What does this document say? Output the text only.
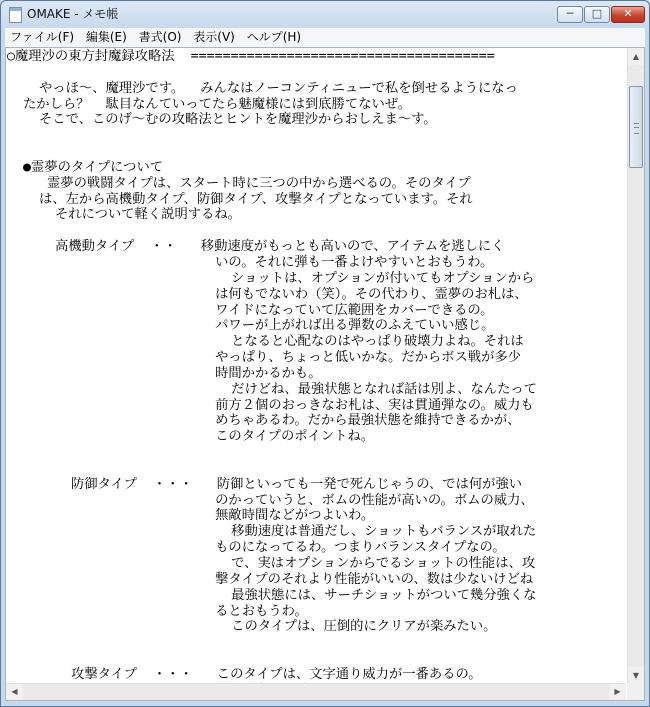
OMAKE - メモ帳	─	□	✕
ファイル(F) 編集(E) 書式(O) 表示(V) ヘルプ(H)
○魔理沙の東方封魔録攻略法  ======================================
やっほ～、魔理沙です。  みんなはノーコンティニューで私を倒せるようになっ
たかしら？  駄目なんていってたら魅魔様には到底勝てないぜ。
そこで、このげ～むの攻略法とヒントを魔理沙からおしえま～す。
●霊夢のタイプについて
霊夢の戦闘タイプは、スタート時に三つの中から選べるの。そのタイプ
は、左から高機動タイプ、防御タイプ、攻撃タイプとなっています。それ
それについて軽く説明するね。
高機動タイプ  ・・   移動速度がもっとも高いので、アイテムを逃しにく
いの。それに弾も一番よけやすいとおもうわ。
ショットは、オプションが付いてもオプションから
は何もでないわ（笑）。その代わり、霊夢のお札は、
ワイドになっていて広範囲をカバーできるの。
パワーが上がれば出る弾数のふえていい感じ。
となると心配なのはやっぱり破壊力よね。それは
やっぱり、ちょっと低いかな。だからボス戦が多少
時間かかるかも。
だけどね、最強状態となれば話は別よ、なんたって
前方２個のおっきなお札は、実は貫通弾なの。威力も
めちゃあるわ。だから最強状態を維持できるかが、
このタイプのポイントね。
防御タイプ  ・・・   防御といっても一発で死んじゃうの、では何が強い
のかっていうと、ボムの性能が高いの。ボムの威力、
無敵時間などがつよいわ。
移動速度は普通だし、ショットもバランスが取れた
ものになってるわ。つまりバランスタイプなの。
で、実はオプションからでるショットの性能は、攻
撃タイプのそれより性能がいいの、数は少ないけどね
最強状態には、サーチショットがついて幾分強くな
るとおもうわ。
このタイプは、圧倒的にクリアが楽みたい。
攻撃タイプ  ・・・   このタイプは、文字通り威力が一番あるの。
▲
▼
◀	▶
